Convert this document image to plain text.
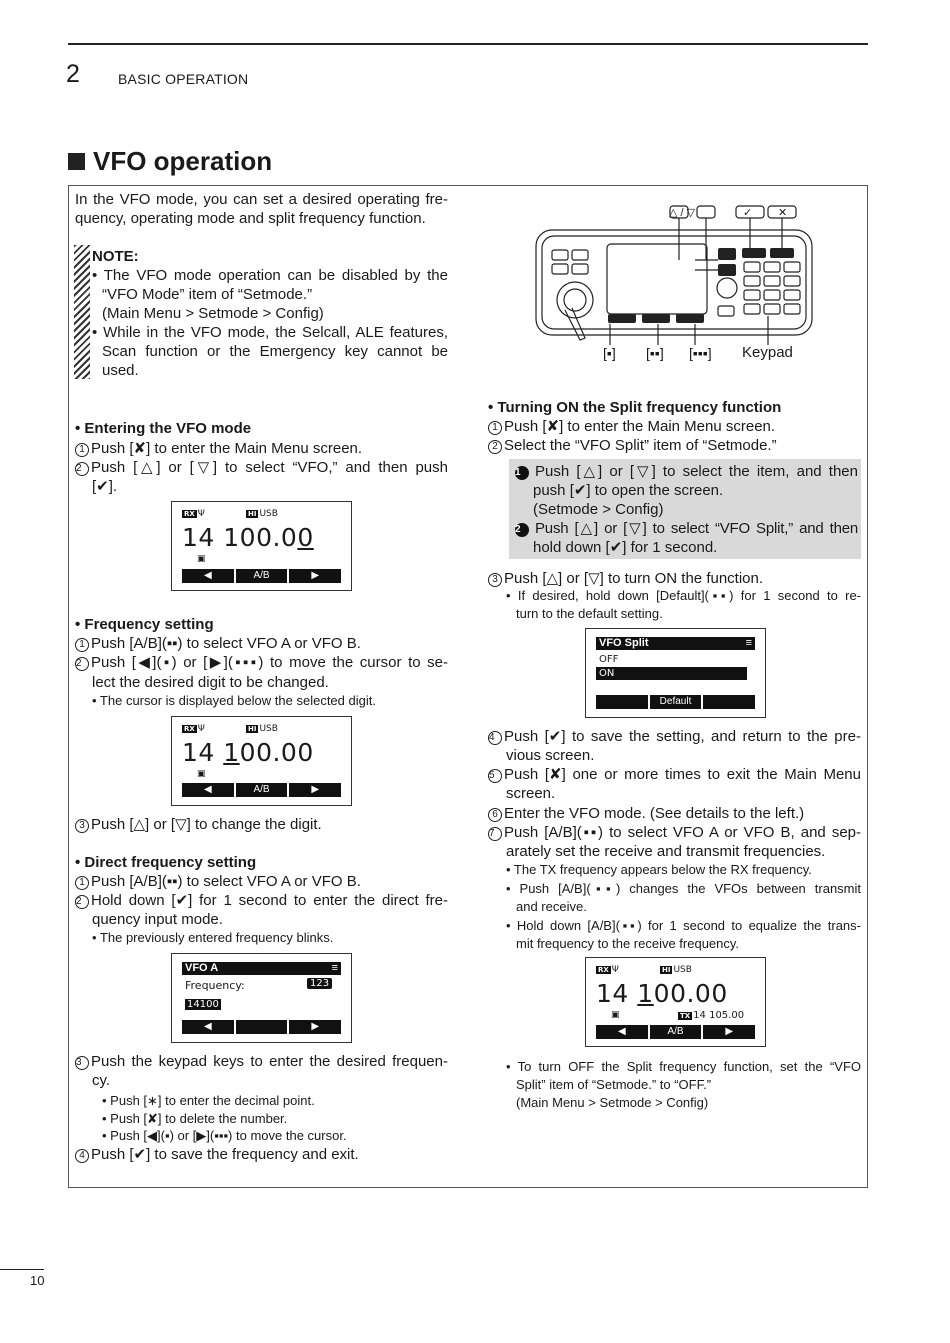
2	BASIC OPERATION
VFO operation
In the VFO mode, you can set a desired operating fre-
quency, operating mode and split frequency function.
NOTE:
• The VFO mode operation can be disabled by the
“VFO Mode” item of “Setmode.”
(Main Menu > Setmode > Config)
• While in the VFO mode, the Selcall, ALE features,
Scan function or the Emergency key cannot be
used.
• Entering the VFO mode
1 Push [✘] to enter the Main Menu screen.
2 Push [△] or [▽] to select “VFO,” and then push
[✔].
RX Ψ	HI USB
14 100.00
▣
◀	A/B	▶
• Frequency setting
1 Push [A/B](▪▪) to select VFO A or VFO B.
2 Push [◀](▪) or [▶](▪▪▪) to move the cursor to se-
lect the desired digit to be changed.
• The cursor is displayed below the selected digit.
RX Ψ	HI USB
14 100.00
▣
◀	A/B	▶
3 Push [△] or [▽] to change the digit.
• Direct frequency setting
1 Push [A/B](▪▪) to select VFO A or VFO B.
2 Hold down [✔] for 1 second to enter the direct fre-
quency input mode.
• The previously entered frequency blinks.
VFO A	≡
Frequency:	123
14100
◀	▶
3 Push the keypad keys to enter the desired frequen-
cy.
• Push [∗] to enter the decimal point.
• Push [✘] to delete the number.
• Push [◀](▪) or [▶](▪▪▪) to move the cursor.
4 Push [✔] to save the frequency and exit.
△/▽	✓ ✕
[▪] [▪▪] [▪▪▪] Keypad
• Turning ON the Split frequency function
1 Push [✘] to enter the Main Menu screen.
2 Select the “VFO Split” item of “Setmode.”
1 Push [△] or [▽] to select the item, and then
push [✔] to open the screen.
(Setmode > Config)
2 Push [△] or [▽] to select “VFO Split,” and then
hold down [✔] for 1 second.
3 Push [△] or [▽] to turn ON the function.
• If desired, hold down [Default](▪▪) for 1 second to re-
turn to the default setting.
VFO Split	≡
OFF
ON
Default
4 Push [✔] to save the setting, and return to the pre-
vious screen.
5 Push [✘] one or more times to exit the Main Menu
screen.
6 Enter the VFO mode. (See details to the left.)
7 Push [A/B](▪▪) to select VFO A or VFO B, and sep-
arately set the receive and transmit frequencies.
• The TX frequency appears below the RX frequency.
• Push [A/B](▪▪) changes the VFOs between transmit
and receive.
• Hold down [A/B](▪▪) for 1 second to equalize the trans-
mit frequency to the receive frequency.
RX Ψ	HI USB
14 100.00
▣	TX 14 105.00
◀	A/B	▶
• To turn OFF the Split frequency function, set the “VFO
Split” item of “Setmode.” to “OFF.”
(Main Menu > Setmode > Config)
10
